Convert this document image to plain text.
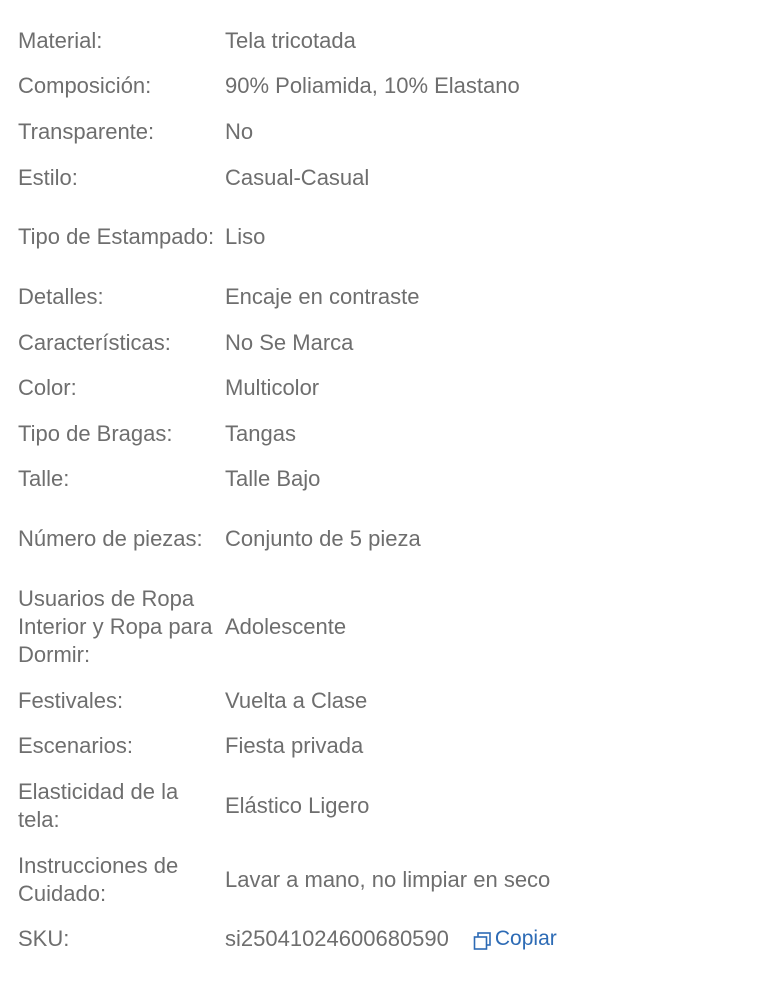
Material:	Tela tricotada
Composición:	90% Poliamida, 10% Elastano
Transparente:	No
Estilo:	Casual-Casual
Tipo de Estampado: Liso
Detalles:	Encaje en contraste
Características:	No Se Marca
Color:	Multicolor
Tipo de Bragas:	Tangas
Talle:	Talle Bajo
Número de piezas:	Conjunto de 5 pieza
Usuarios de Ropa Interior y Ropa para Dormir:
Adolescente
Festivales:	Vuelta a Clase
Escenarios:	Fiesta privada
Elasticidad de la tela:
Elástico Ligero
Instrucciones de Cuidado:
Lavar a mano, no limpiar en seco
SKU:	si25041024600680590 Copiar
